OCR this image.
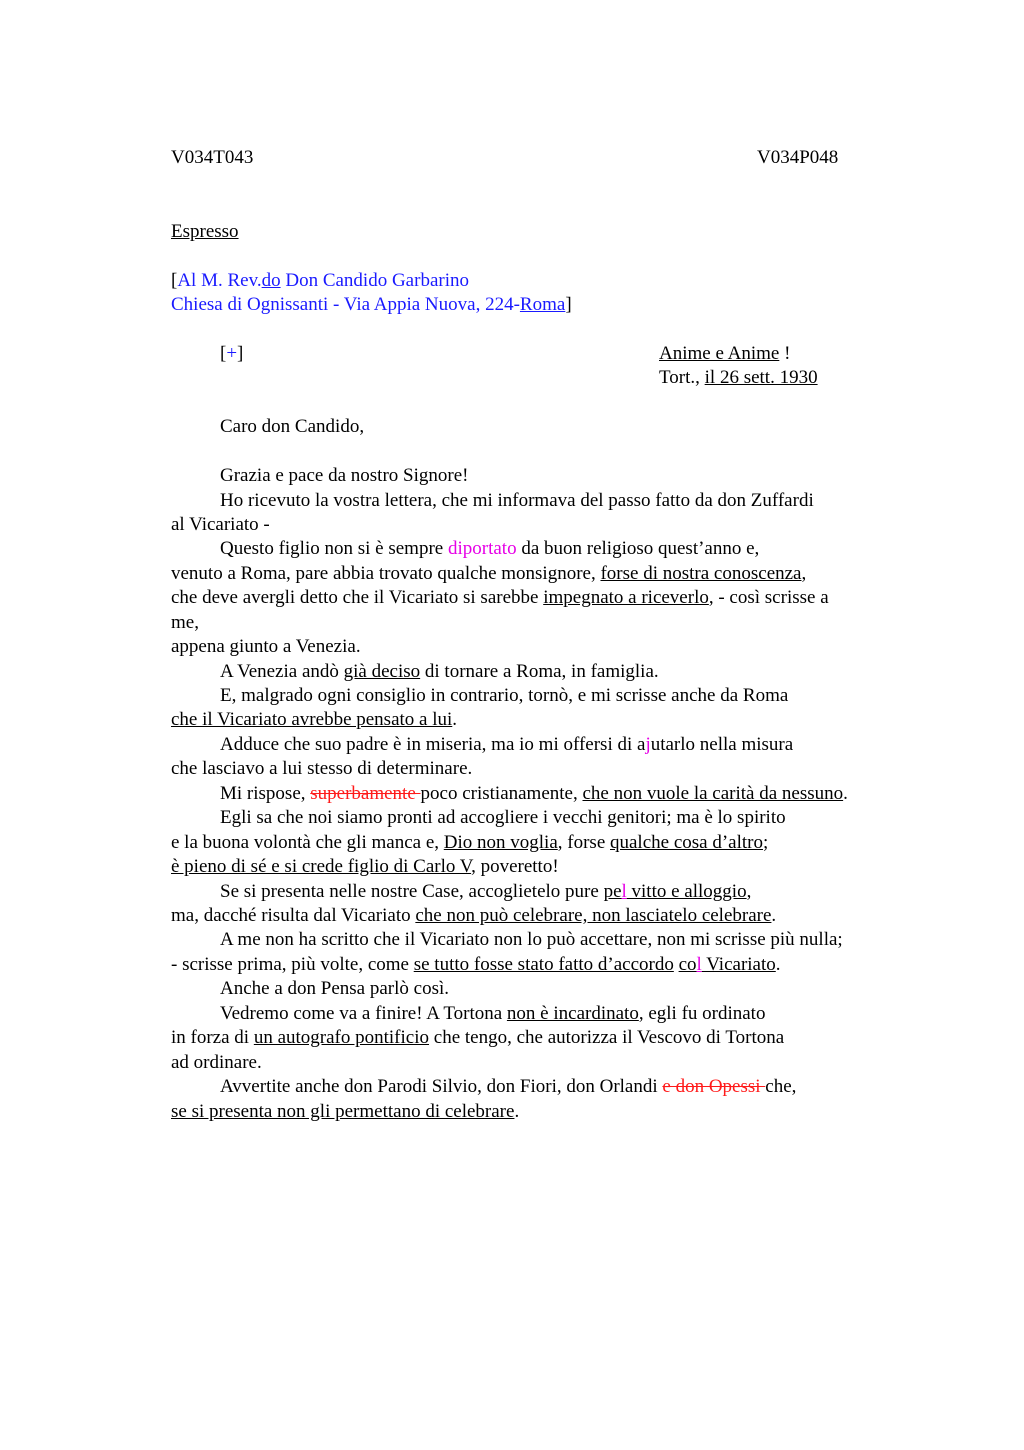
V034T043	V034P048
Espresso
[Al M. Rev.do Don Candido Garbarino
Chiesa di Ognissanti - Via Appia Nuova, 224-Roma]
[+]	Anime e Anime !
Tort., il 26 sett. 1930
Caro don Candido,
Grazia e pace da nostro Signore!
Ho ricevuto la vostra lettera, che mi informava del passo fatto da don Zuffardi
al Vicariato -
Questo figlio non si è sempre diportato da buon religioso quest’anno e,
venuto a Roma, pare abbia trovato qualche monsignore, forse di nostra conoscenza,
che deve avergli detto che il Vicariato si sarebbe impegnato a riceverlo, - così scrisse a
me,
appena giunto a Venezia.
A Venezia andò già deciso di tornare a Roma, in famiglia.
E, malgrado ogni consiglio in contrario, tornò, e mi scrisse anche da Roma
che il Vicariato avrebbe pensato a lui.
Adduce che suo padre è in miseria, ma io mi offersi di ajutarlo nella misura
che lasciavo a lui stesso di determinare.
Mi rispose, superbamente poco cristianamente, che non vuole la carità da nessuno.
Egli sa che noi siamo pronti ad accogliere i vecchi genitori; ma è lo spirito
e la buona volontà che gli manca e, Dio non voglia, forse qualche cosa d’altro;
è pieno di sé e si crede figlio di Carlo V, poveretto!
Se si presenta nelle nostre Case, accoglietelo pure pel vitto e alloggio,
ma, dacché risulta dal Vicariato che non può celebrare, non lasciatelo celebrare.
A me non ha scritto che il Vicariato non lo può accettare, non mi scrisse più nulla;
- scrisse prima, più volte, come se tutto fosse stato fatto d’accordo col Vicariato.
Anche a don Pensa parlò così.
Vedremo come va a finire! A Tortona non è incardinato, egli fu ordinato
in forza di un autografo pontificio che tengo, che autorizza il Vescovo di Tortona
ad ordinare.
Avvertite anche don Parodi Silvio, don Fiori, don Orlandi e don Opessi che,
se si presenta non gli permettano di celebrare.
